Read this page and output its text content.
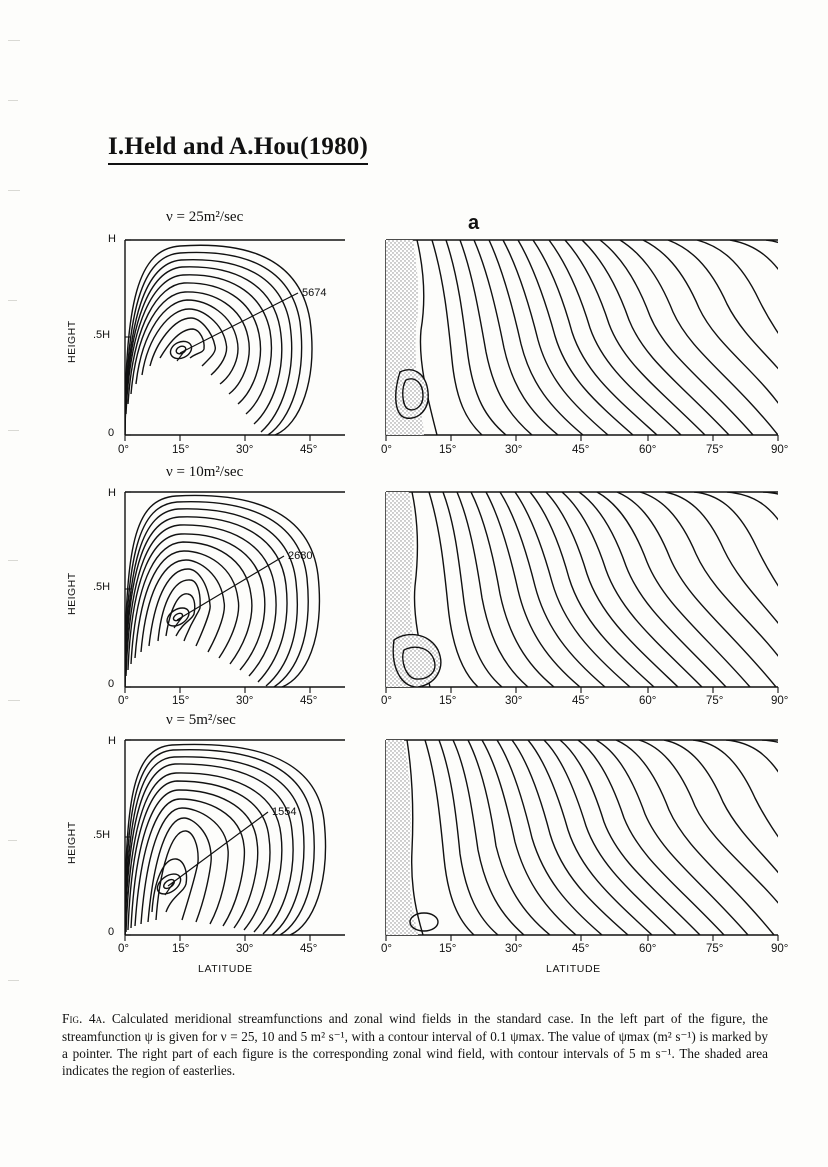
I.Held and A.Hou(1980)
a
ν = 25m²/sec
HEIGHT
H
.5H
0
0°	15°	30°	45°	0°	15°	30°	45°	60°	75°	90°
5674
ν = 10m²/sec
HEIGHT
H
.5H
0
0°	15°	30°	45°	0°	15°	30°	45°	60°	75°	90°
2680
ν = 5m²/sec
HEIGHT
H
.5H
0
0°	15°	30°	45°	0°	15°	30°	45°	60°	75°	90°
1554
LATITUDE	LATITUDE
Fig. 4a. Calculated meridional streamfunctions and zonal wind fields in the standard case. In the left part of the figure, the streamfunction ψ is given for ν = 25, 10 and 5 m² s⁻¹, with a contour interval of 0.1 ψmax. The value of ψmax (m² s⁻¹) is marked by a pointer. The right part of each figure is the corresponding zonal wind field, with contour intervals of 5 m s⁻¹. The shaded area indicates the region of easterlies.
